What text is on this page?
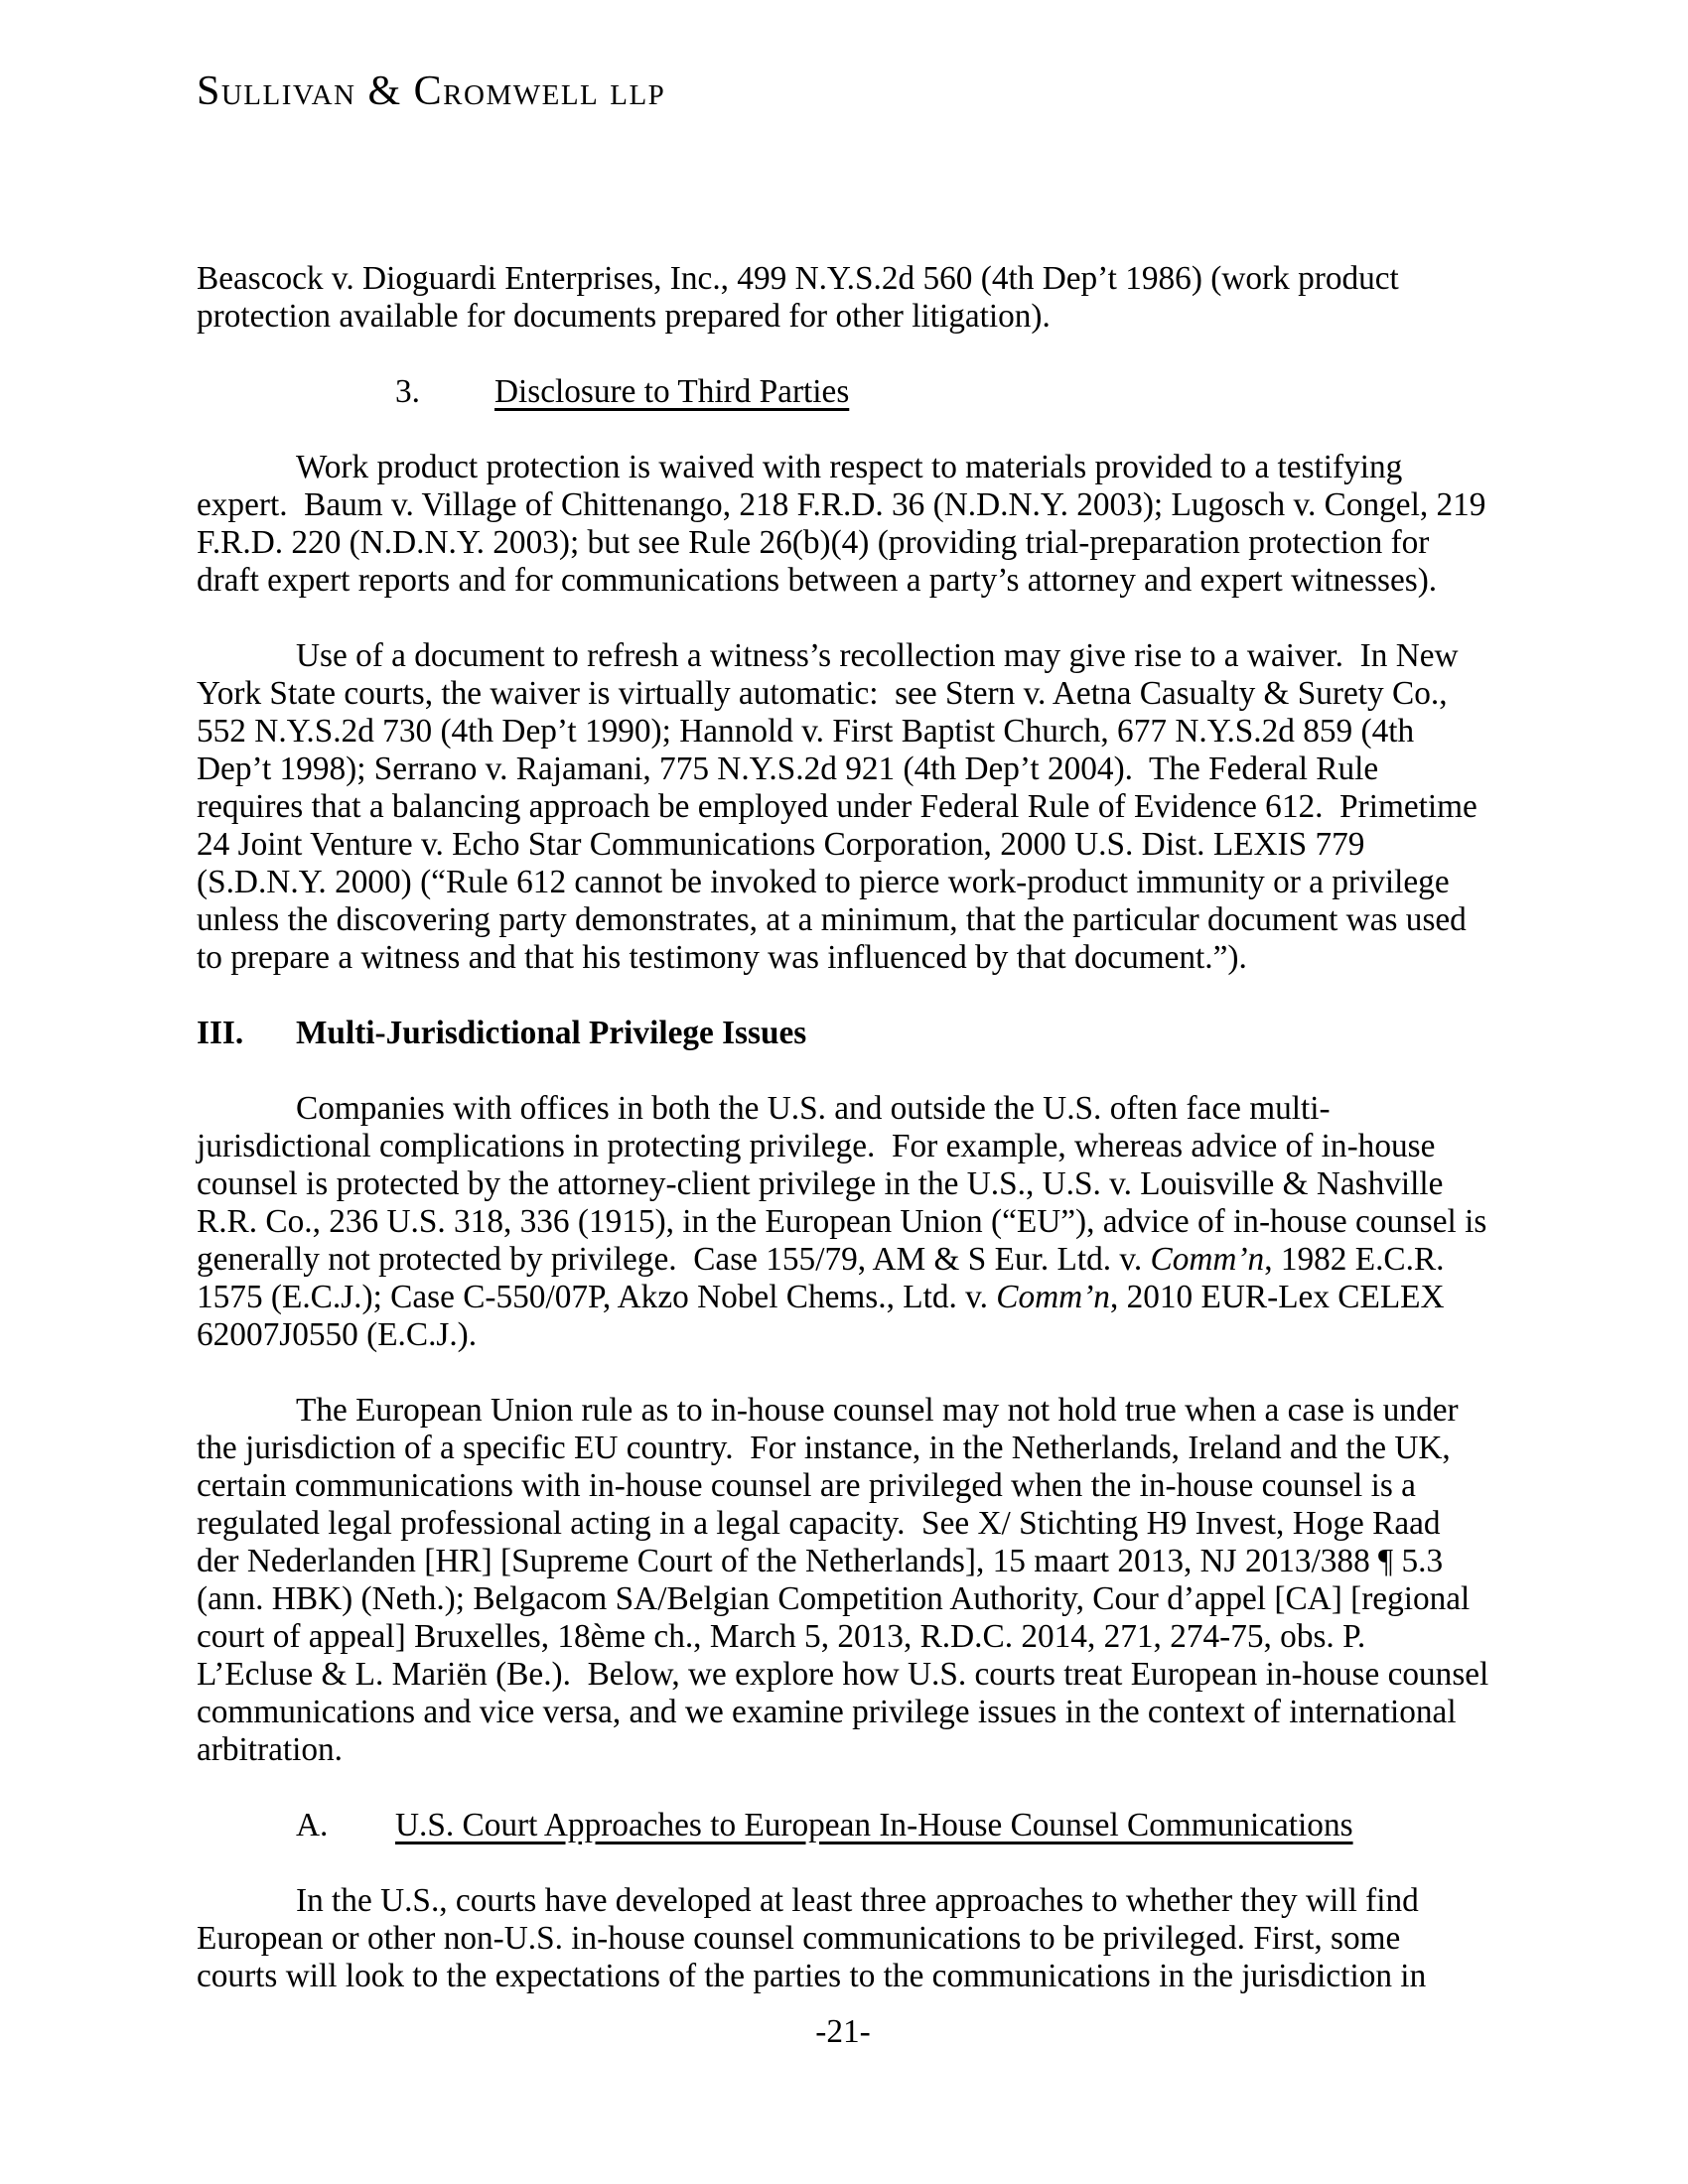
Sullivan & Cromwell llp

Beascock v. Dioguardi Enterprises, Inc., 499 N.Y.S.2d 560 (4th Dep’t 1986) (work product protection available for documents prepared for other litigation).

3. Disclosure to Third Parties

Work product protection is waived with respect to materials provided to a testifying expert.  Baum v. Village of Chittenango, 218 F.R.D. 36 (N.D.N.Y. 2003); Lugosch v. Congel, 219 F.R.D. 220 (N.D.N.Y. 2003); but see Rule 26(b)(4) (providing trial-preparation protection for draft expert reports and for communications between a party’s attorney and expert witnesses).

Use of a document to refresh a witness’s recollection may give rise to a waiver.  In New York State courts, the waiver is virtually automatic:  see Stern v. Aetna Casualty & Surety Co., 552 N.Y.S.2d 730 (4th Dep’t 1990); Hannold v. First Baptist Church, 677 N.Y.S.2d 859 (4th Dep’t 1998); Serrano v. Rajamani, 775 N.Y.S.2d 921 (4th Dep’t 2004).  The Federal Rule requires that a balancing approach be employed under Federal Rule of Evidence 612.  Primetime 24 Joint Venture v. Echo Star Communications Corporation, 2000 U.S. Dist. LEXIS 779 (S.D.N.Y. 2000) (“Rule 612 cannot be invoked to pierce work-product immunity or a privilege unless the discovering party demonstrates, at a minimum, that the particular document was used to prepare a witness and that his testimony was influenced by that document.”).

III. Multi-Jurisdictional Privilege Issues

Companies with offices in both the U.S. and outside the U.S. often face multi-jurisdictional complications in protecting privilege.  For example, whereas advice of in-house counsel is protected by the attorney-client privilege in the U.S., U.S. v. Louisville & Nashville R.R. Co., 236 U.S. 318, 336 (1915), in the European Union (“EU”), advice of in-house counsel is generally not protected by privilege.  Case 155/79, AM & S Eur. Ltd. v. Comm’n, 1982 E.C.R. 1575 (E.C.J.); Case C-550/07P, Akzo Nobel Chems., Ltd. v. Comm’n, 2010 EUR-Lex CELEX 62007J0550 (E.C.J.).

The European Union rule as to in-house counsel may not hold true when a case is under the jurisdiction of a specific EU country.  For instance, in the Netherlands, Ireland and the UK, certain communications with in-house counsel are privileged when the in-house counsel is a regulated legal professional acting in a legal capacity.  See X/ Stichting H9 Invest, Hoge Raad der Nederlanden [HR] [Supreme Court of the Netherlands], 15 maart 2013, NJ 2013/388 ¶ 5.3 (ann. HBK) (Neth.); Belgacom SA/Belgian Competition Authority, Cour d’appel [CA] [regional court of appeal] Bruxelles, 18ème ch., March 5, 2013, R.D.C. 2014, 271, 274-75, obs. P. L’Ecluse & L. Mariën (Be.).  Below, we explore how U.S. courts treat European in-house counsel communications and vice versa, and we examine privilege issues in the context of international arbitration.

A. U.S. Court Approaches to European In-House Counsel Communications

In the U.S., courts have developed at least three approaches to whether they will find European or other non-U.S. in-house counsel communications to be privileged. First, some courts will look to the expectations of the parties to the communications in the jurisdiction in

-21-
